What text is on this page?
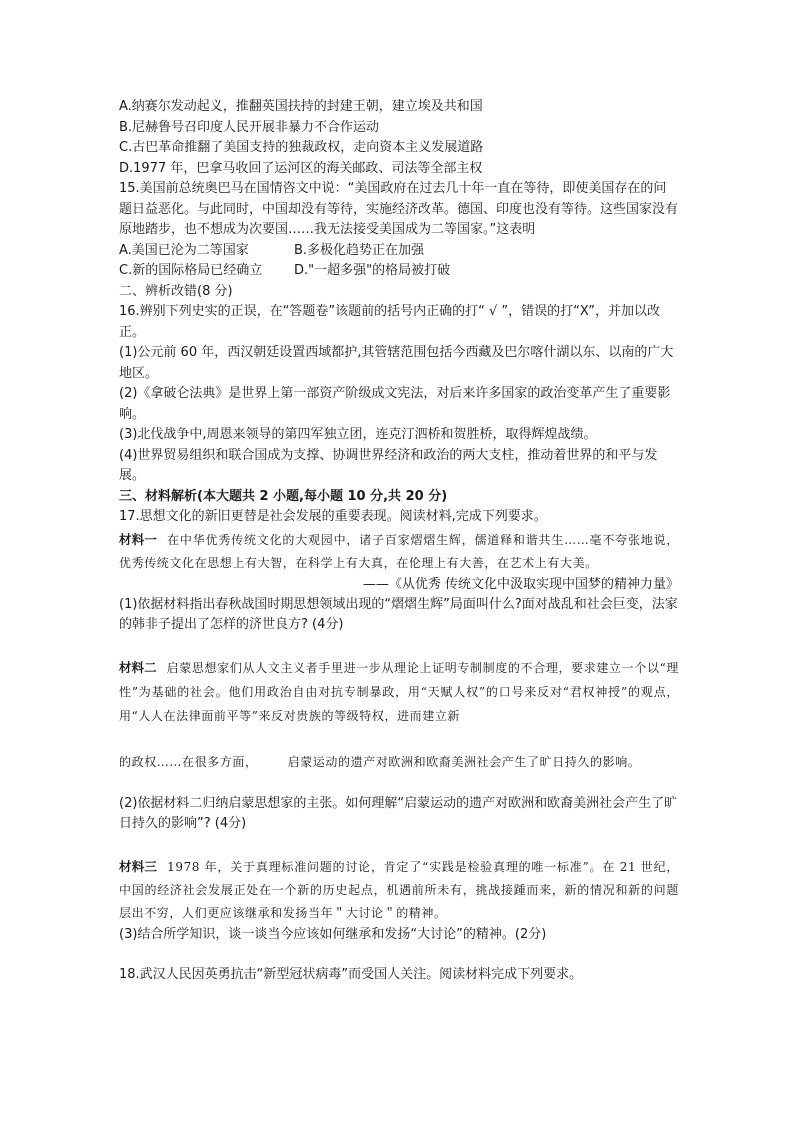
A.纳赛尔发动起义，推翻英国扶持的封建王朝，建立埃及共和国
B.尼赫鲁号召印度人民开展非暴力不合作运动
C.古巴革命推翻了美国支持的独裁政权，走向资本主义发展道路
D.1977 年，巴拿马收回了运河区的海关邮政、司法等全部主权
15.美国前总统奥巴马在国情咨文中说：“美国政府在过去几十年一直在等待，即使美国存在的问题日益恶化。与此同时，中国却没有等待，实施经济改革。德国、印度也没有等待。这些国家没有原地踏步，也不想成为次要国……我无法接受美国成为二等国家。”这表明
A.美国已沦为二等国家	B.多极化趋势正在加强
C.新的国际格局已经确立	D."一超多强"的格局被打破
二、辨析改错(8 分)
16.辨别下列史实的正误，在“答题卷”该题前的括号内正确的打“ √ ”，错误的打“X”，并加以改正。
(1)公元前 60 年，西汉朝廷设置西域都护,其管辖范围包括今西藏及巴尔喀什湖以东、以南的广大地区。
(2)《拿破仑法典》是世界上第一部资产阶级成文宪法，对后来许多国家的政治变革产生了重要影响。
(3)北伐战争中,周恩来领导的第四军独立团，连克汀泗桥和贺胜桥，取得辉煌战绩。
(4)世界贸易组织和联合国成为支撑、协调世界经济和政治的两大支柱，推动着世界的和平与发展。
三、材料解析(本大题共 2 小题,每小题 10 分,共 20 分)
17.思想文化的新旧更替是社会发展的重要表现。阅读材料,完成下列要求。
材料一 在中华优秀传统文化的大观园中，诸子百家熠熠生辉，儒道释和谐共生……毫不夸张地说，优秀传统文化在思想上有大智，在科学上有大真，在伦理上有大善，在艺术上有大美。
——《从优秀 传统文化中汲取实现中国梦的精神力量》
(1)依据材料指出春秋战国时期思想领域出现的“熠熠生辉”局面叫什么?面对战乱和社会巨变，法家的韩非子提出了怎样的济世良方? (4分)
材料二 启蒙思想家们从人文主义者手里进一步从理论上证明专制制度的不合理，要求建立一个以“理性”为基础的社会。他们用政治自由对抗专制暴政，用“天赋人权”的口号来反对“君权神授”的观点，用“人人在法律面前平等”来反对贵族的等级特权，进而建立新
的政权……在很多方面，	启蒙运动的遗产对欧洲和欧裔美洲社会产生了旷日持久的影响。
(2)依据材料二归纳启蒙思想家的主张。如何理解“启蒙运动的遗产对欧洲和欧裔美洲社会产生了旷日持久的影响”? (4分)
材料三 1978 年，关于真理标准问题的讨论，肯定了“实践是检验真理的唯一标准”。在 21 世纪，中国的经济社会发展正处在一个新的历史起点，机遇前所未有，挑战接踵而来，新的情况和新的问题层出不穷，人们更应该继承和发扬当年＂大讨论＂的精神。
(3)结合所学知识，谈一谈当今应该如何继承和发扬“大讨论”的精神。(2分)
18.武汉人民因英勇抗击“新型冠状病毒”而受国人关注。阅读材料完成下列要求。
